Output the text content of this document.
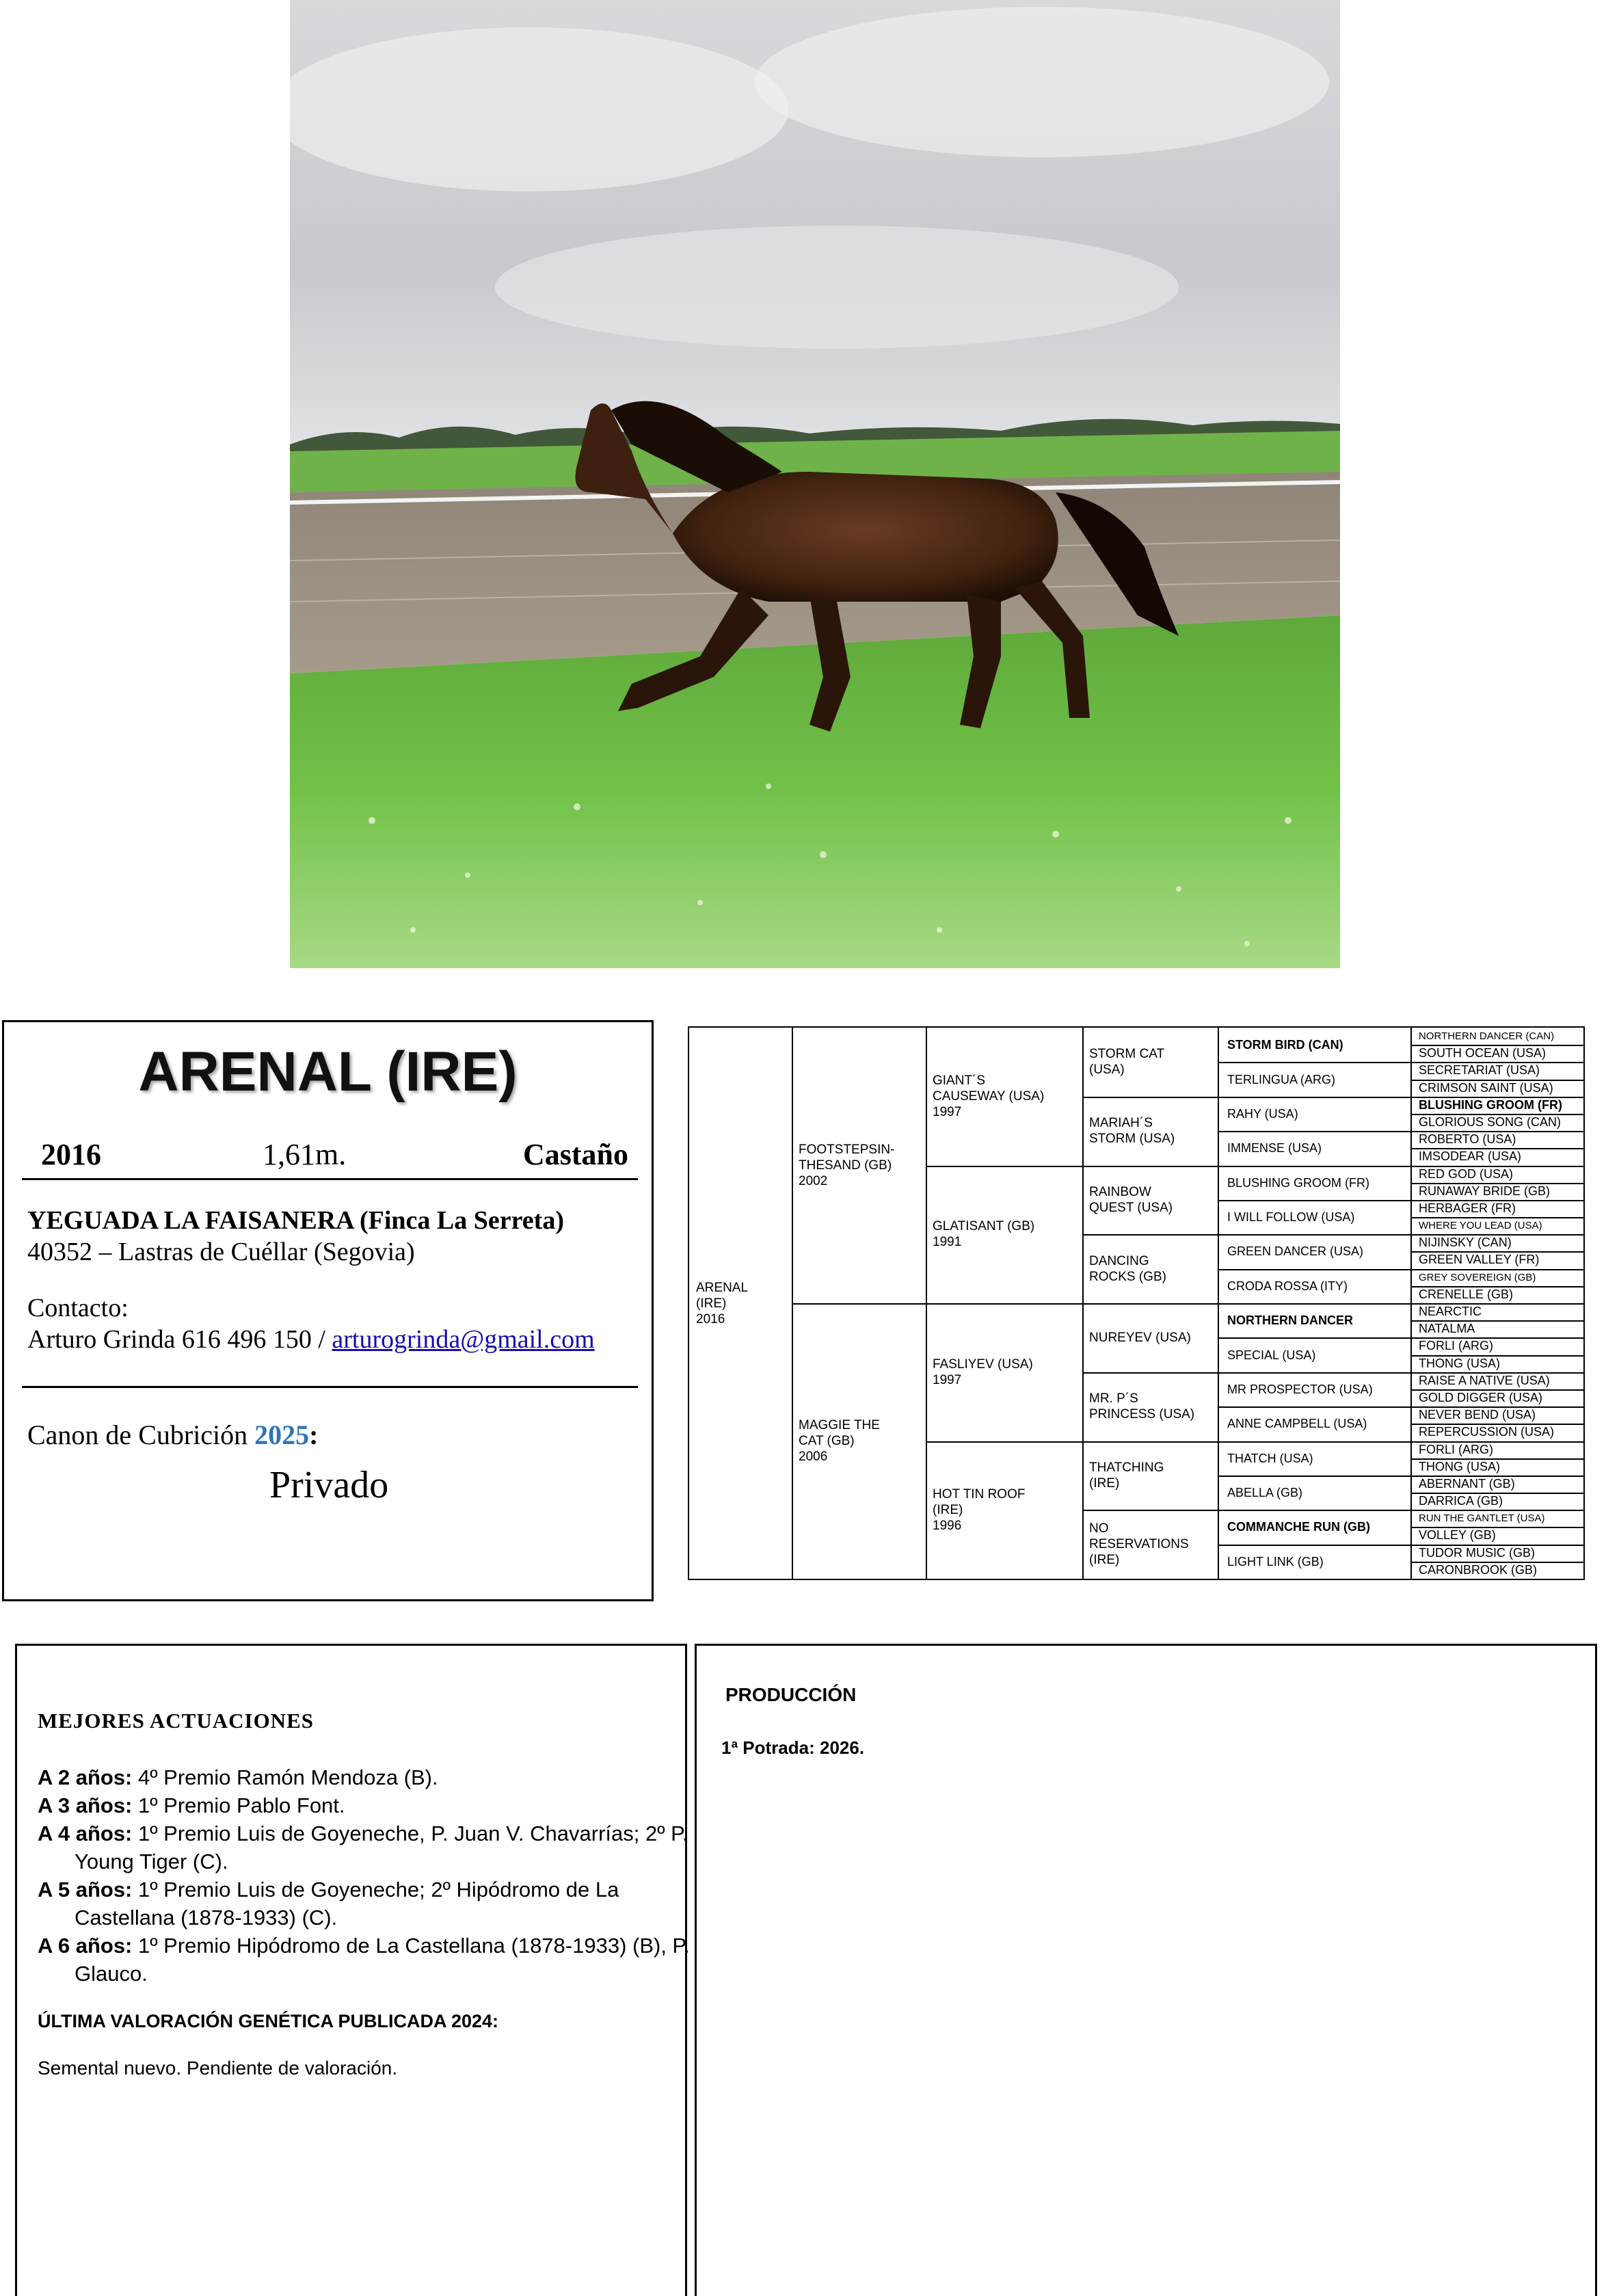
ARENAL (IRE)
2016	1,61m.	Castaño
YEGUADA LA FAISANERA (Finca La Serreta)
40352 – Lastras de Cuéllar (Segovia)
Contacto:
Arturo Grinda 616 496 150 / arturogrinda@gmail.com
Canon de Cubrición 2025:
Privado
ARENAL
(IRE)
2016
FOOTSTEPSIN-
THESAND (GB)
2002
MAGGIE THE
CAT (GB)
2006
GIANT´S
CAUSEWAY (USA)
1997
GLATISANT (GB)
1991
FASLIYEV (USA)
1997
HOT TIN ROOF
(IRE)
1996
STORM CAT
(USA)
MARIAH´S
STORM (USA)
RAINBOW
QUEST (USA)
DANCING
ROCKS (GB)
NUREYEV (USA)
MR. P´S
PRINCESS (USA)
THATCHING
(IRE)
NO
RESERVATIONS
(IRE)
STORM BIRD (CAN)
TERLINGUA (ARG)
RAHY (USA)
IMMENSE (USA)
BLUSHING GROOM (FR)
I WILL FOLLOW (USA)
GREEN DANCER (USA)
CRODA ROSSA (ITY)
NORTHERN DANCER
SPECIAL (USA)
MR PROSPECTOR (USA)
ANNE CAMPBELL (USA)
THATCH (USA)
ABELLA (GB)
COMMANCHE RUN (GB)
LIGHT LINK (GB)
NORTHERN DANCER (CAN)
SOUTH OCEAN (USA)
SECRETARIAT (USA)
CRIMSON SAINT (USA)
BLUSHING GROOM (FR)
GLORIOUS SONG (CAN)
ROBERTO (USA)
IMSODEAR (USA)
RED GOD (USA)
RUNAWAY BRIDE (GB)
HERBAGER (FR)
WHERE YOU LEAD (USA)
NIJINSKY (CAN)
GREEN VALLEY (FR)
GREY SOVEREIGN (GB)
CRENELLE (GB)
NEARCTIC
NATALMA
FORLI (ARG)
THONG (USA)
RAISE A NATIVE (USA)
GOLD DIGGER (USA)
NEVER BEND (USA)
REPERCUSSION (USA)
FORLI (ARG)
THONG (USA)
ABERNANT (GB)
DARRICA (GB)
RUN THE GANTLET (USA)
VOLLEY (GB)
TUDOR MUSIC (GB)
CARONBROOK (GB)
MEJORES ACTUACIONES
A 2 años: 4º Premio Ramón Mendoza (B).
A 3 años: 1º Premio Pablo Font.
A 4 años: 1º Premio Luis de Goyeneche, P. Juan V. Chavarrías; 2º P. Young Tiger (C).
A 5 años: 1º Premio Luis de Goyeneche; 2º Hipódromo de La Castellana (1878-1933) (C).
A 6 años: 1º Premio Hipódromo de La Castellana (1878-1933) (B), P. Glauco.
ÚLTIMA VALORACIÓN GENÉTICA PUBLICADA 2024:
Semental nuevo. Pendiente de valoración.
PRODUCCIÓN
1ª Potrada: 2026.
